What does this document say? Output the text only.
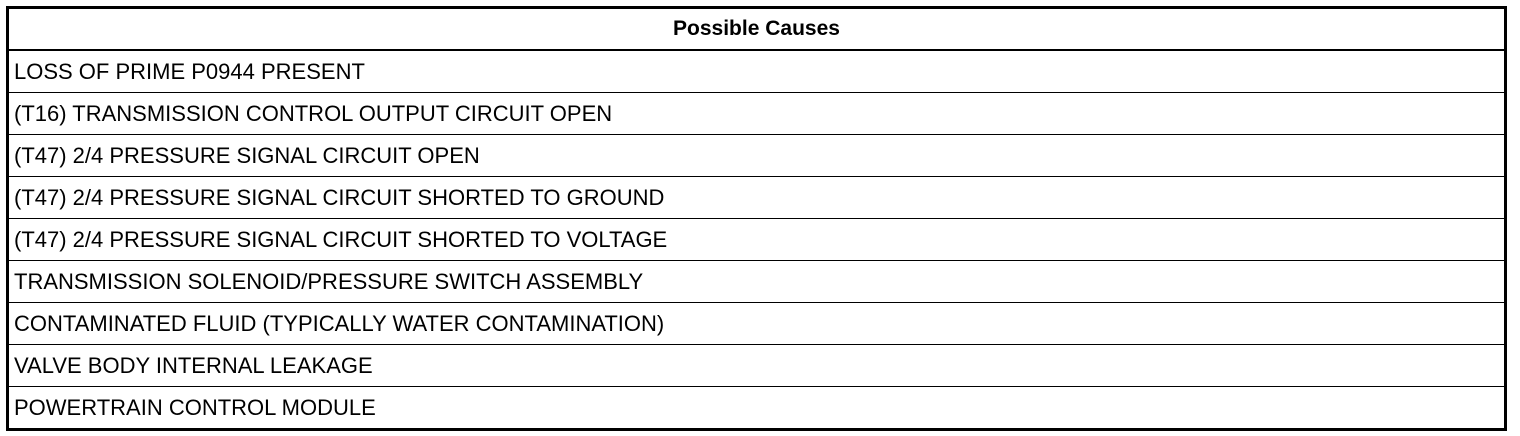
Possible Causes
LOSS OF PRIME P0944 PRESENT
(T16) TRANSMISSION CONTROL OUTPUT CIRCUIT OPEN
(T47) 2/4 PRESSURE SIGNAL CIRCUIT OPEN
(T47) 2/4 PRESSURE SIGNAL CIRCUIT SHORTED TO GROUND
(T47) 2/4 PRESSURE SIGNAL CIRCUIT SHORTED TO VOLTAGE
TRANSMISSION SOLENOID/PRESSURE SWITCH ASSEMBLY
CONTAMINATED FLUID (TYPICALLY WATER CONTAMINATION)
VALVE BODY INTERNAL LEAKAGE
POWERTRAIN CONTROL MODULE
